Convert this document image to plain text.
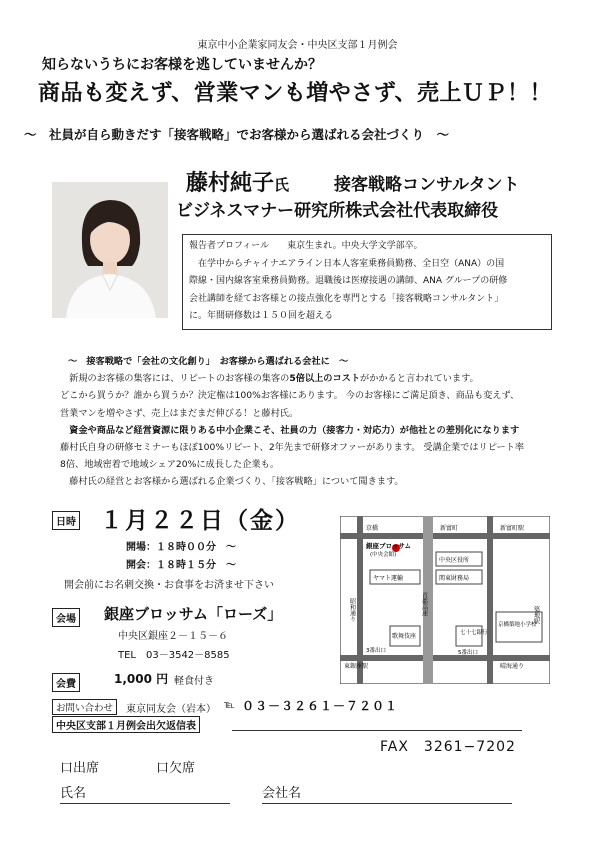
東京中小企業家同友会・中央区支部１月例会
知らないうちにお客様を逃していませんか？
商品も変えず、営業マンも増やさず、売上ＵＰ！！
～　社員が自ら動きだす「接客戦略」でお客様から選ばれる会社づくり　～
藤村純子氏	接客戦略コンサルタント
ビジネスマナー研究所株式会社代表取締役

報告者プロフィール　　東京生まれ。中央大学文学部卒。

　在学中からチャイナエアライン日本人客室乗務員勤務、全日空（ANA）の国

際線・国内線客室乗務員勤務。退職後は医療接遇の講師、ANA グループの研修

会社講師を経てお客様との接点強化を専門とする「接客戦略コンサルタント」

に。年間研修数は１５０回を超える

～　接客戦略で「会社の文化創り」　お客様から選ばれる会社に　～

　新規のお客様の集客には、リピートのお客様の集客の5倍以上のコストがかかると言われています。

どこから買うか？誰から買うか？決定権は100%お客様にあります。 今のお客様にご満足頂き、商品も変えず、

営業マンを増やさず、売上はまだまだ伸びる！と藤村氏。

　資金や商品など経営資源に限りある中小企業こそ、社員の力（接客力・対応力）が他社との差別化になります

藤村氏自身の研修セミナーもほぼ100%リピート、2年先まで研修オファーがあります。 受講企業ではリピート率

8倍、地域密着で地域シェア20%に成長した企業も。

　藤村氏の経営とお客様から選ばれる企業づくり、「接客戦略」について聞きます。

日時 １月２２日（金）
開場：１８時００分　～
開会：１８時１５分　～
開会前にお名刺交換・お食事をお済ませ下さい
会場 銀座ブロッサム「ローズ」
中央区銀座２－１５－６
TEL　03－3542－8585
会費	1,000 円 軽食付き
京橋	新富町駅
新富町
銀座ブロッサム
(中央会館)
中央区役所
関東財務局
ヤマト運輸
昭和通り	首都高速
歌舞伎座	七十七銀行
東銀座駅
3番出口	5番出口
晴海通り
京橋築地小学校
築地駅
お問い合わせ	東京同友会（岩本） ℡ ０３－３２６１－７２０１
中央区支部１月例会出欠返信表
FAX　3261−7202
口出席	口欠席
氏名	会社名
